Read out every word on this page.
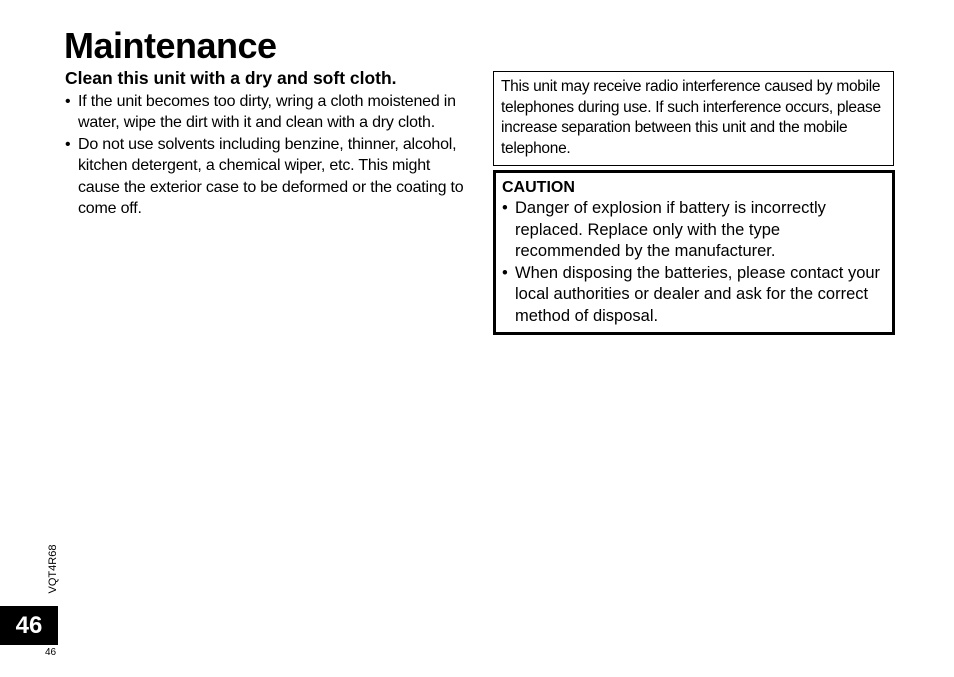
Maintenance

Clean this unit with a dry and soft cloth.

• If the unit becomes too dirty, wring a cloth moistened in water, wipe the dirt with it and clean with a dry cloth.
• Do not use solvents including benzine, thinner, alcohol, kitchen detergent, a chemical wiper, etc. This might cause the exterior case to be deformed or the coating to come off.
This unit may receive radio interference caused by mobile telephones during use. If such interference occurs, please increase separation between this unit and the mobile telephone.
CAUTION
• Danger of explosion if battery is incorrectly replaced. Replace only with the type recommended by the manufacturer.
• When disposing the batteries, please contact your local authorities or dealer and ask for the correct method of disposal.
VQT4R68
46
46
